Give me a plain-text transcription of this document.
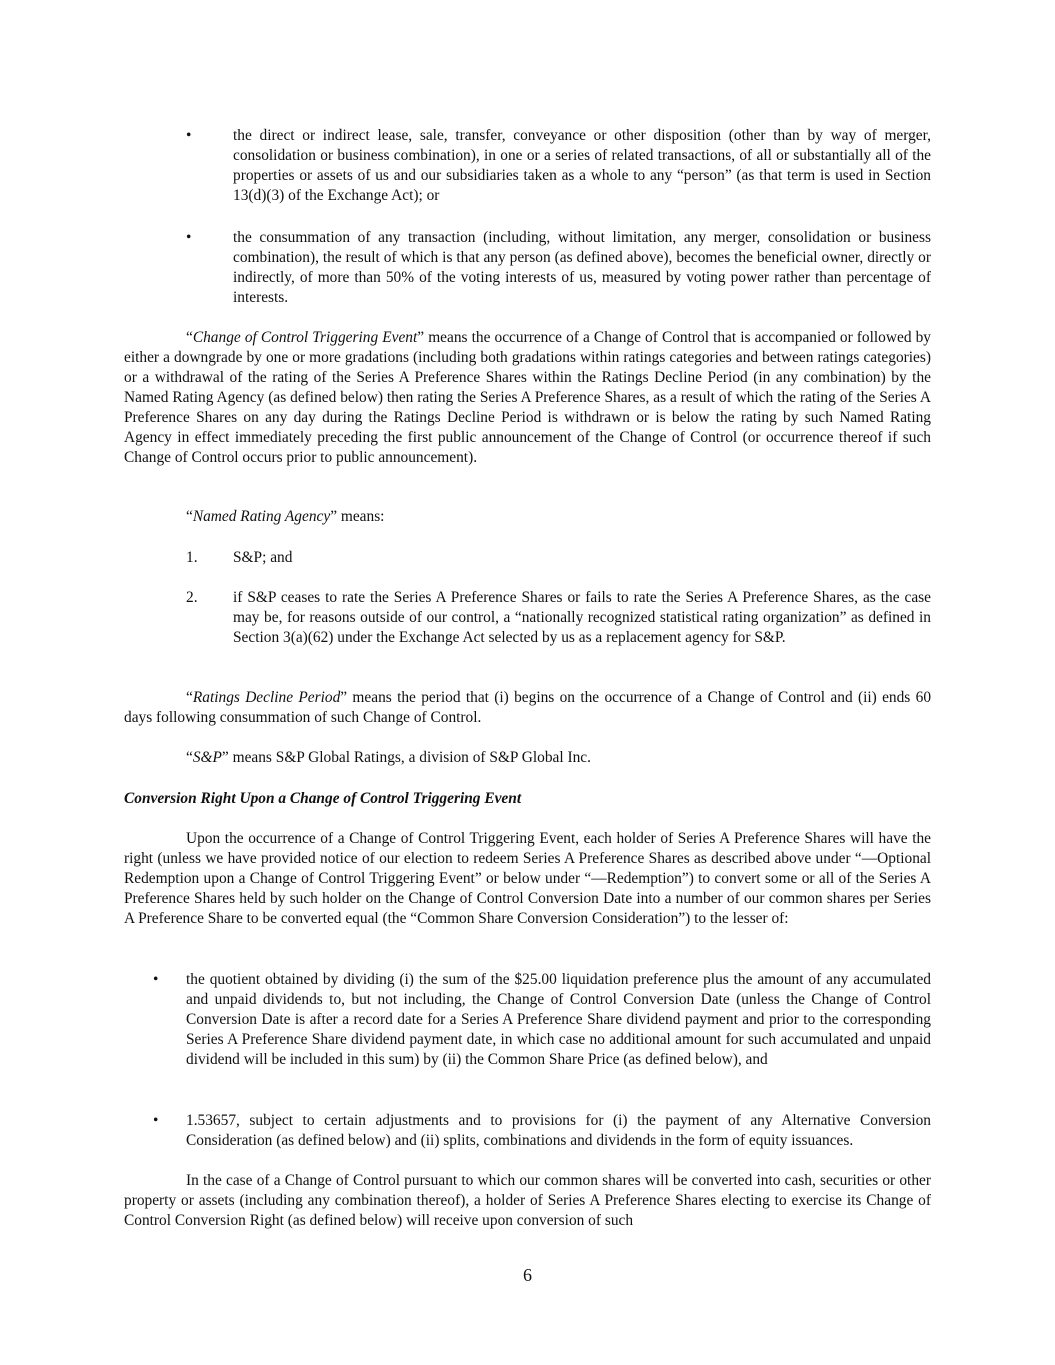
•	the direct or indirect lease, sale, transfer, conveyance or other disposition (other than by way of merger, consolidation or business combination), in one or a series of related transactions, of all or substantially all of the properties or assets of us and our subsidiaries taken as a whole to any “person” (as that term is used in Section 13(d)(3) of the Exchange Act); or
•	the consummation of any transaction (including, without limitation, any merger, consolidation or business combination), the result of which is that any person (as defined above), becomes the beneficial owner, directly or indirectly, of more than 50% of the voting interests of us, measured by voting power rather than percentage of interests.

“Change of Control Triggering Event” means the occurrence of a Change of Control that is accompanied or followed by either a downgrade by one or more gradations (including both gradations within ratings categories and between ratings categories) or a withdrawal of the rating of the Series A Preference Shares within the Ratings Decline Period (in any combination) by the Named Rating Agency (as defined below) then rating the Series A Preference Shares, as a result of which the rating of the Series A Preference Shares on any day during the Ratings Decline Period is withdrawn or is below the rating by such Named Rating Agency in effect immediately preceding the first public announcement of the Change of Control (or occurrence thereof if such Change of Control occurs prior to public announcement).

“Named Rating Agency” means:

1.	S&P; and
2.	if S&P ceases to rate the Series A Preference Shares or fails to rate the Series A Preference Shares, as the case may be, for reasons outside of our control, a “nationally recognized statistical rating organization” as defined in Section 3(a)(62) under the Exchange Act selected by us as a replacement agency for S&P.

“Ratings Decline Period” means the period that (i) begins on the occurrence of a Change of Control and (ii) ends 60 days following consummation of such Change of Control.

“S&P” means S&P Global Ratings, a division of S&P Global Inc.

Conversion Right Upon a Change of Control Triggering Event

Upon the occurrence of a Change of Control Triggering Event, each holder of Series A Preference Shares will have the right (unless we have provided notice of our election to redeem Series A Preference Shares as described above under “—Optional Redemption upon a Change of Control Triggering Event” or below under “—Redemption”) to convert some or all of the Series A Preference Shares held by such holder on the Change of Control Conversion Date into a number of our common shares per Series A Preference Share to be converted equal (the “Common Share Conversion Consideration”) to the lesser of:

•	the quotient obtained by dividing (i) the sum of the $25.00 liquidation preference plus the amount of any accumulated and unpaid dividends to, but not including, the Change of Control Conversion Date (unless the Change of Control Conversion Date is after a record date for a Series A Preference Share dividend payment and prior to the corresponding Series A Preference Share dividend payment date, in which case no additional amount for such accumulated and unpaid dividend will be included in this sum) by (ii) the Common Share Price (as defined below), and
•	1.53657, subject to certain adjustments and to provisions for (i) the payment of any Alternative Conversion Consideration (as defined below) and (ii) splits, combinations and dividends in the form of equity issuances.

In the case of a Change of Control pursuant to which our common shares will be converted into cash, securities or other property or assets (including any combination thereof), a holder of Series A Preference Shares electing to exercise its Change of Control Conversion Right (as defined below) will receive upon conversion of such

6
